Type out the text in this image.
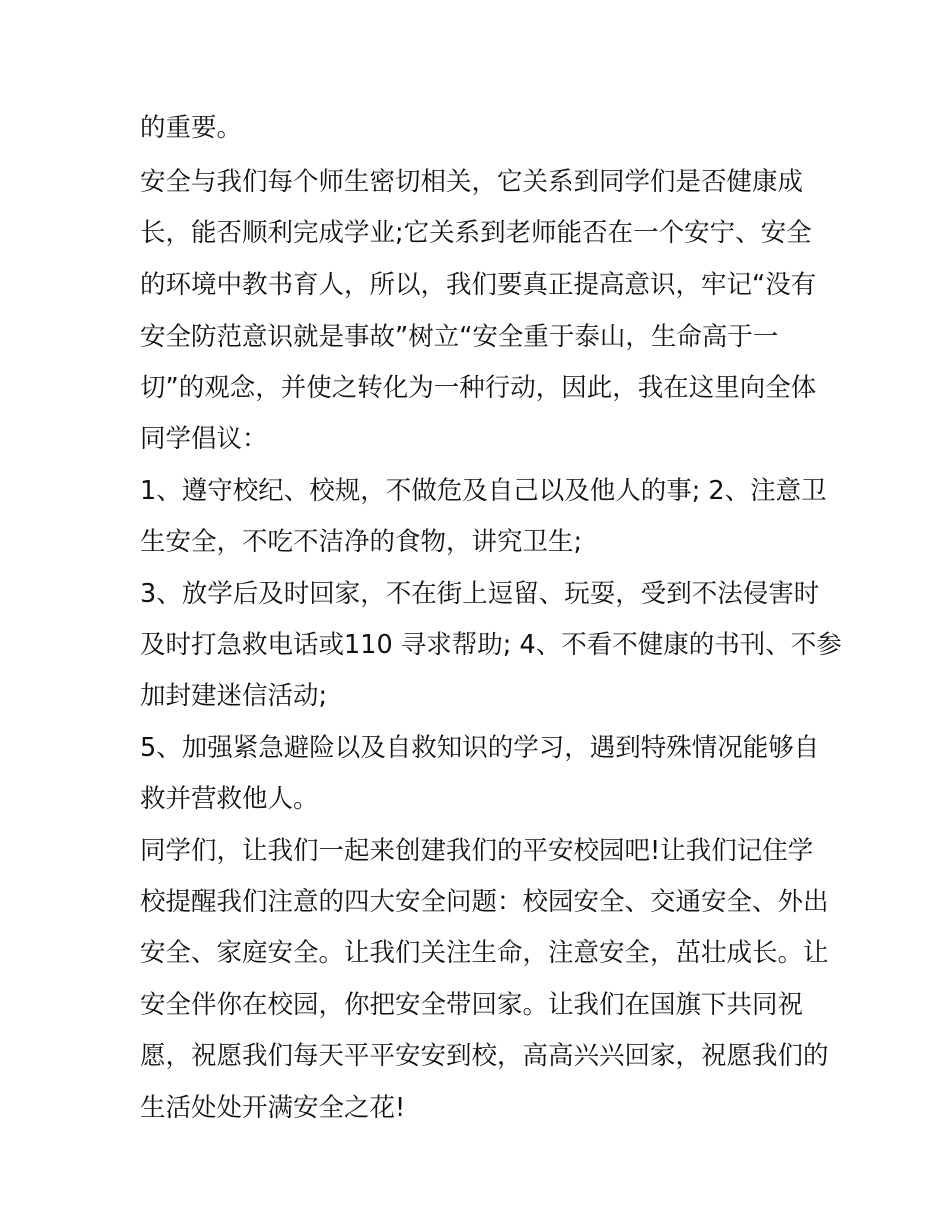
的重要。

安全与我们每个师生密切相关，它关系到同学们是否健康成

长，能否顺利完成学业;它关系到老师能否在一个安宁、安全

的环境中教书育人，所以，我们要真正提高意识，牢记“没有

安全防范意识就是事故”树立“安全重于泰山，生命高于一

切”的观念，并使之转化为一种行动，因此，我在这里向全体

同学倡议：

1、遵守校纪、校规，不做危及自己以及他人的事; 2、注意卫

生安全，不吃不洁净的食物，讲究卫生;

3、放学后及时回家，不在街上逗留、玩耍，受到不法侵害时

及时打急救电话或110 寻求帮助; 4、不看不健康的书刊、不参

加封建迷信活动;

5、加强紧急避险以及自救知识的学习，遇到特殊情况能够自

救并营救他人。

同学们，让我们一起来创建我们的平安校园吧!让我们记住学

校提醒我们注意的四大安全问题：校园安全、交通安全、外出

安全、家庭安全。让我们关注生命，注意安全，茁壮成长。让

安全伴你在校园，你把安全带回家。让我们在国旗下共同祝

愿，祝愿我们每天平平安安到校，高高兴兴回家，祝愿我们的

生活处处开满安全之花!
